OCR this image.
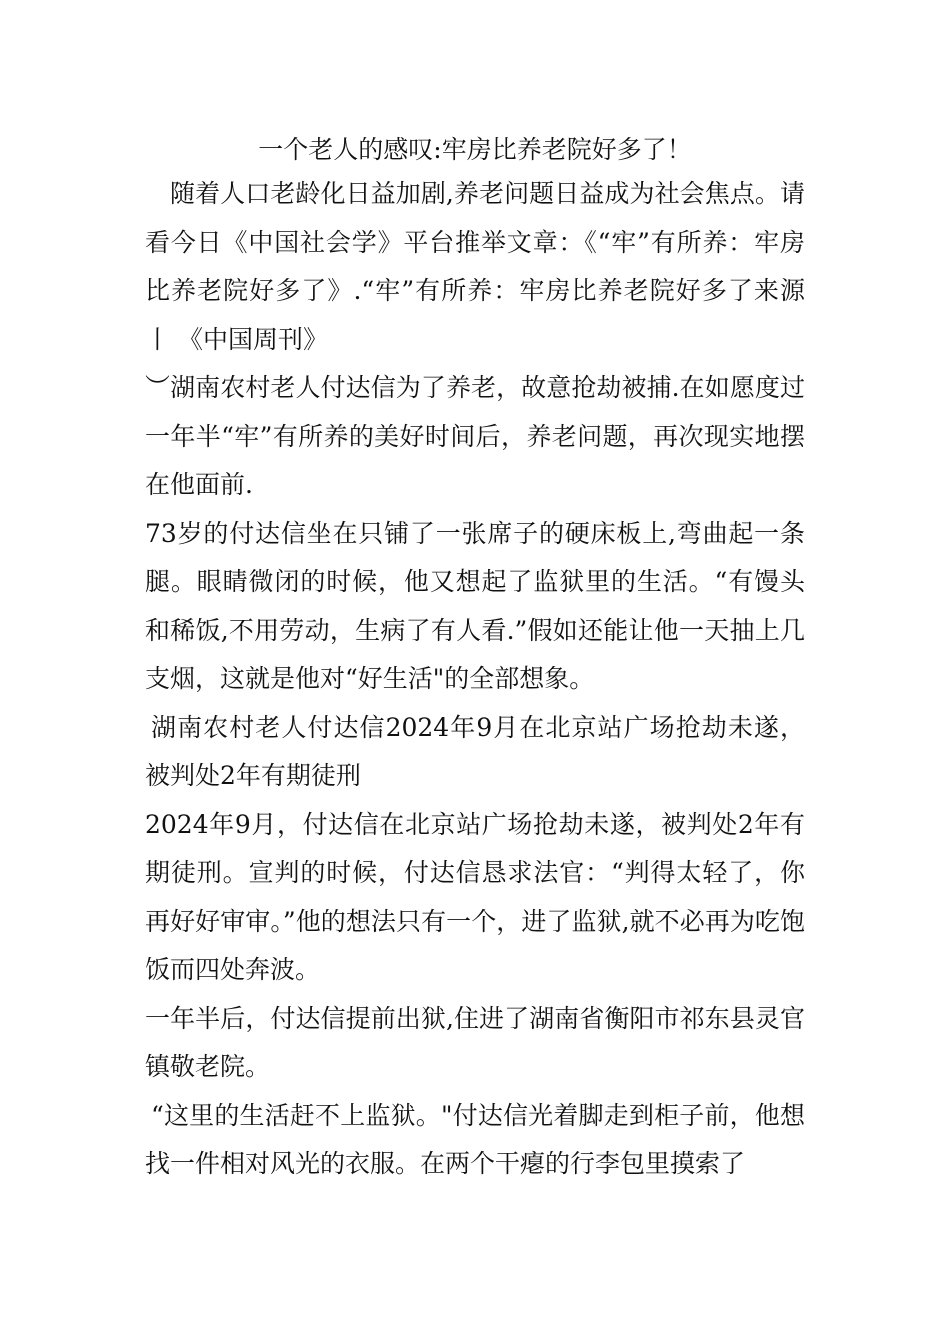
一个老人的感叹:牢房比养老院好多了！

随着人口老龄化日益加剧,养老问题日益成为社会焦点。请看今日《中国社会学》平台推举文章：《“牢”有所养：牢房比养老院好多了》.“牢”有所养：牢房比养老院好多了来源 丨 《中国周刊》

︶湖南农村老人付达信为了养老，故意抢劫被捕.在如愿度过一年半“牢”有所养的美好时间后，养老问题，再次现实地摆在他面前.

73岁的付达信坐在只铺了一张席子的硬床板上,弯曲起一条腿。眼睛微闭的时候，他又想起了监狱里的生活。“有馒头和稀饭,不用劳动，生病了有人看.”假如还能让他一天抽上几支烟，这就是他对“好生活"的全部想象。

湖南农村老人付达信2024年9月在北京站广场抢劫未遂，被判处2年有期徒刑

2024年9月，付达信在北京站广场抢劫未遂，被判处2年有期徒刑。宣判的时候，付达信恳求法官：“判得太轻了，你再好好审审。”他的想法只有一个，进了监狱,就不必再为吃饱饭而四处奔波。

一年半后，付达信提前出狱,住进了湖南省衡阳市祁东县灵官镇敬老院。

“这里的生活赶不上监狱。"付达信光着脚走到柜子前，他想找一件相对风光的衣服。在两个干瘪的行李包里摸索了
